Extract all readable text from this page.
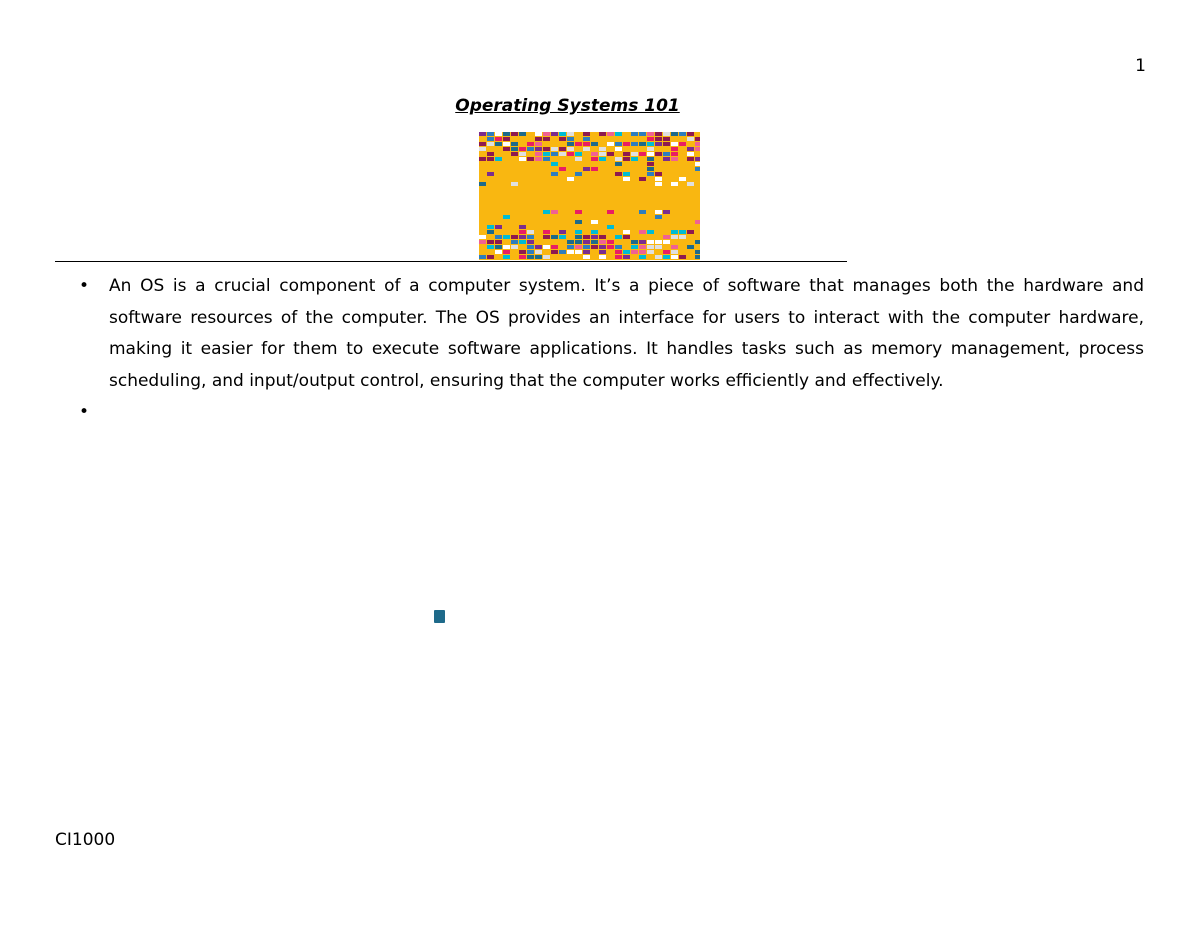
1
Operating Systems 101
• An OS is a crucial component of a computer system. It’s a piece of software that manages both the hardware and software resources of the computer. The OS provides an interface for users to interact with the computer hardware, making it easier for them to execute software applications. It handles tasks such as memory management, process scheduling, and input/output control, ensuring that the computer works efficiently and effectively.
•
CI1000
